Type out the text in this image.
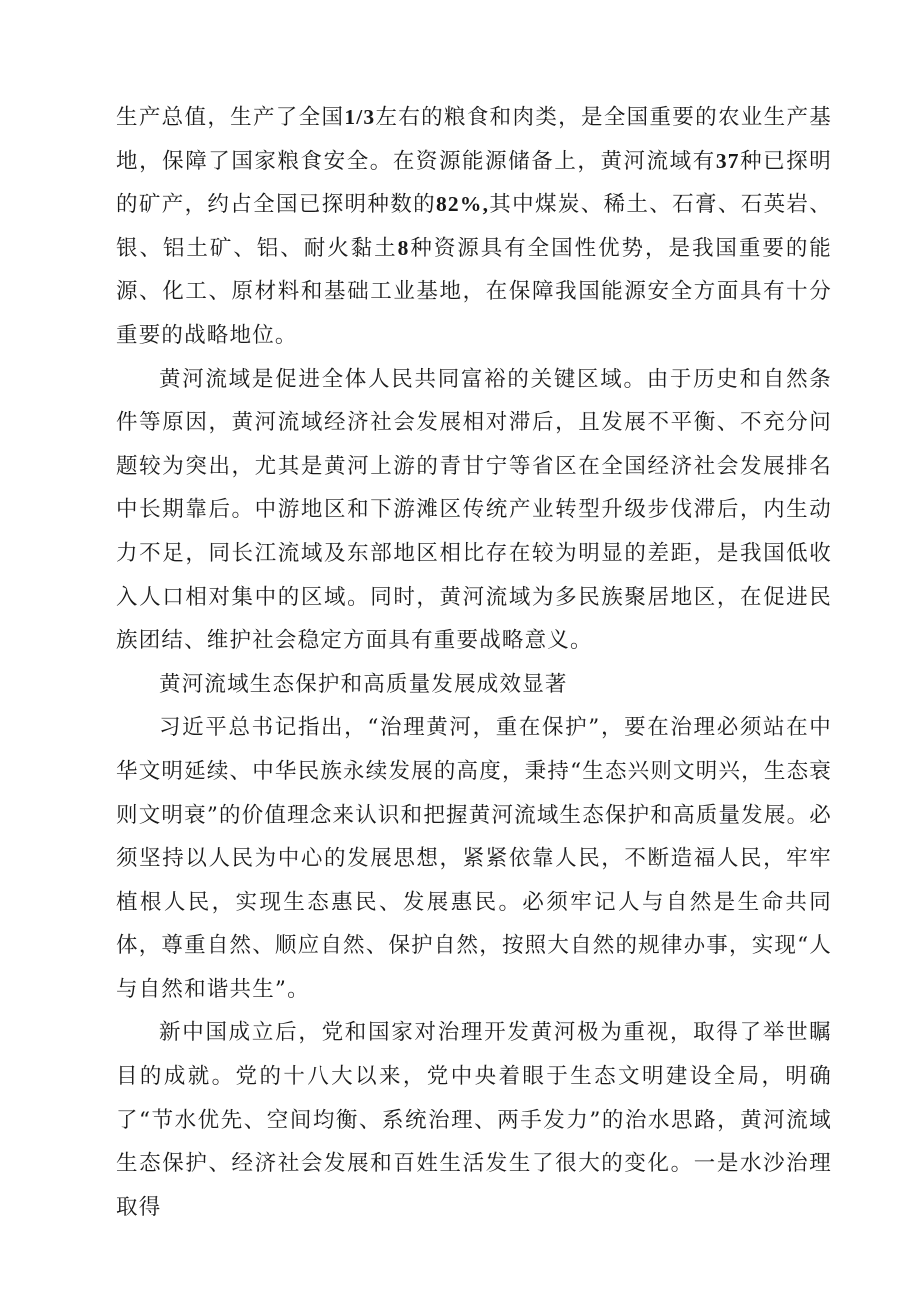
生产总值，生产了全国1/3左右的粮食和肉类，是全国重要的农业生产基地，保障了国家粮食安全。在资源能源储备上，黄河流域有37种已探明的矿产，约占全国已探明种数的82%,其中煤炭、稀土、石膏、石英岩、银、铝土矿、铝、耐火黏土8种资源具有全国性优势，是我国重要的能源、化工、原材料和基础工业基地，在保障我国能源安全方面具有十分重要的战略地位。

黄河流域是促进全体人民共同富裕的关键区域。由于历史和自然条件等原因，黄河流域经济社会发展相对滞后，且发展不平衡、不充分问题较为突出，尤其是黄河上游的青甘宁等省区在全国经济社会发展排名中长期靠后。中游地区和下游滩区传统产业转型升级步伐滞后，内生动力不足，同长江流域及东部地区相比存在较为明显的差距，是我国低收入人口相对集中的区域。同时，黄河流域为多民族聚居地区，在促进民族团结、维护社会稳定方面具有重要战略意义。

黄河流域生态保护和高质量发展成效显著

习近平总书记指出，“治理黄河，重在保护”，要在治理必须站在中华文明延续、中华民族永续发展的高度，秉持“生态兴则文明兴，生态衰则文明衰”的价值理念来认识和把握黄河流域生态保护和高质量发展。必须坚持以人民为中心的发展思想，紧紧依靠人民，不断造福人民，牢牢植根人民，实现生态惠民、发展惠民。必须牢记人与自然是生命共同体，尊重自然、顺应自然、保护自然，按照大自然的规律办事，实现“人与自然和谐共生”。

新中国成立后，党和国家对治理开发黄河极为重视，取得了举世瞩目的成就。党的十八大以来，党中央着眼于生态文明建设全局，明确了“节水优先、空间均衡、系统治理、两手发力”的治水思路，黄河流域生态保护、经济社会发展和百姓生活发生了很大的变化。一是水沙治理取得
